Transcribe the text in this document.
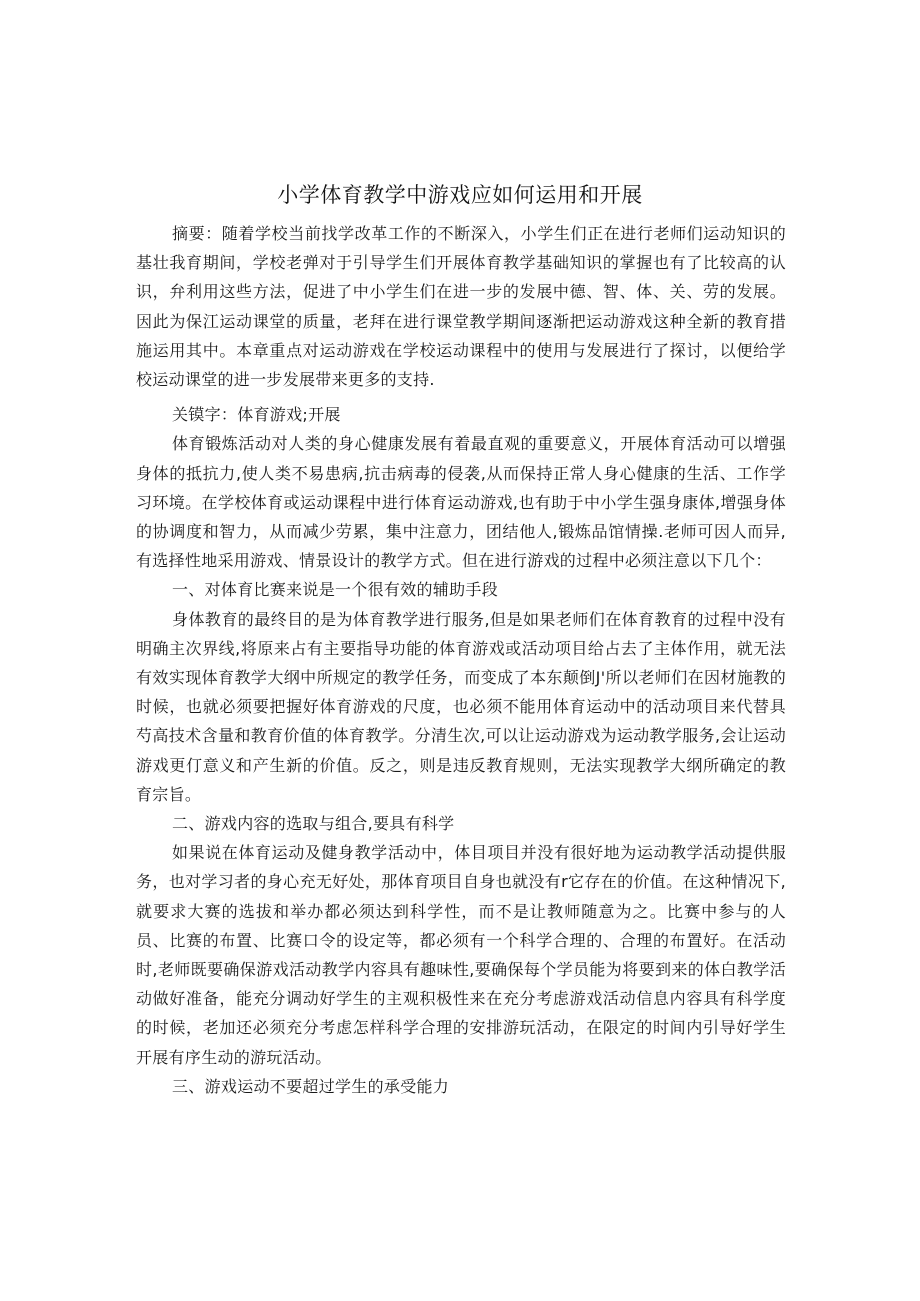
小学体育教学中游戏应如何运用和开展

摘要：随着学校当前找学改革工作的不断深入，小学生们正在进行老师们运动知识的基壮我育期间，学校老弹对于引导学生们开展体育教学基础知识的掌握也有了比较高的认识，弁利用这些方法，促进了中小学生们在进一步的发展中德、智、体、关、劳的发展。因此为保江运动课堂的质量，老拜在进行课堂教学期间逐渐把运动游戏这种全新的教育措施运用其中。本章重点对运动游戏在学校运动课程中的使用与发展进行了探讨，以便给学校运动课堂的进一步发展带来更多的支持.

关镆字：体育游戏;开展

体育锻炼活动对人类的身心健康发展有着最直观的重要意义，开展体育活动可以增强身体的抵抗力,使人类不易患病,抗击病毒的侵袭,从而保持正常人身心健康的生活、工作学习环境。在学校体育或运动课程中进行体育运动游戏,也有助于中小学生强身康体,增强身体的协调度和智力，从而减少劳累，集中注意力，团结他人,锻炼品馆情操.老师可因人而异,有选择性地采用游戏、情景设计的教学方式。但在进行游戏的过程中必须注意以下几个：

一、对体育比赛来说是一个很有效的辅助手段

身体教育的最终目的是为体育教学进行服务,但是如果老师们在体育教育的过程中没有明确主次界线,将原来占有主要指导功能的体育游戏或活动项目给占去了主体作用，就无法有效实现体育教学大纲中所规定的教学任务，而变成了本东颠倒J'所以老师们在因材施教的时候，也就必须要把握好体育游戏的尺度，也必须不能用体育运动中的活动项目来代替具芍高技术含量和教育价值的体育教学。分清生次,可以让运动游戏为运动教学服务,会让运动游戏更仃意义和产生新的价值。反之，则是违反教育规则，无法实现教学大纲所确定的教育宗旨。

二、游戏内容的选取与组合,要具有科学

如果说在体育运动及健身教学活动中，体目项目并没有很好地为运动教学活动提供服务，也对学习者的身心充无好处，那体育项目自身也就没有r它存在的价值。在这种情况下,就要求大赛的选拔和举办都必须达到科学性，而不是让教师随意为之。比赛中参与的人员、比赛的布置、比赛口令的设定等，都必须有一个科学合理的、合理的布置好。在活动时,老师既要确保游戏活动教学内容具有趣味性,要确保每个学员能为将要到来的体白教学活动做好准备，能充分调动好学生的主观积极性来在充分考虑游戏活动信息内容具有科学度的时候，老加还必须充分考虑怎样科学合理的安排游玩活动，在限定的时间内引导好学生开展有序生动的游玩活动。

三、游戏运动不要超过学生的承受能力
